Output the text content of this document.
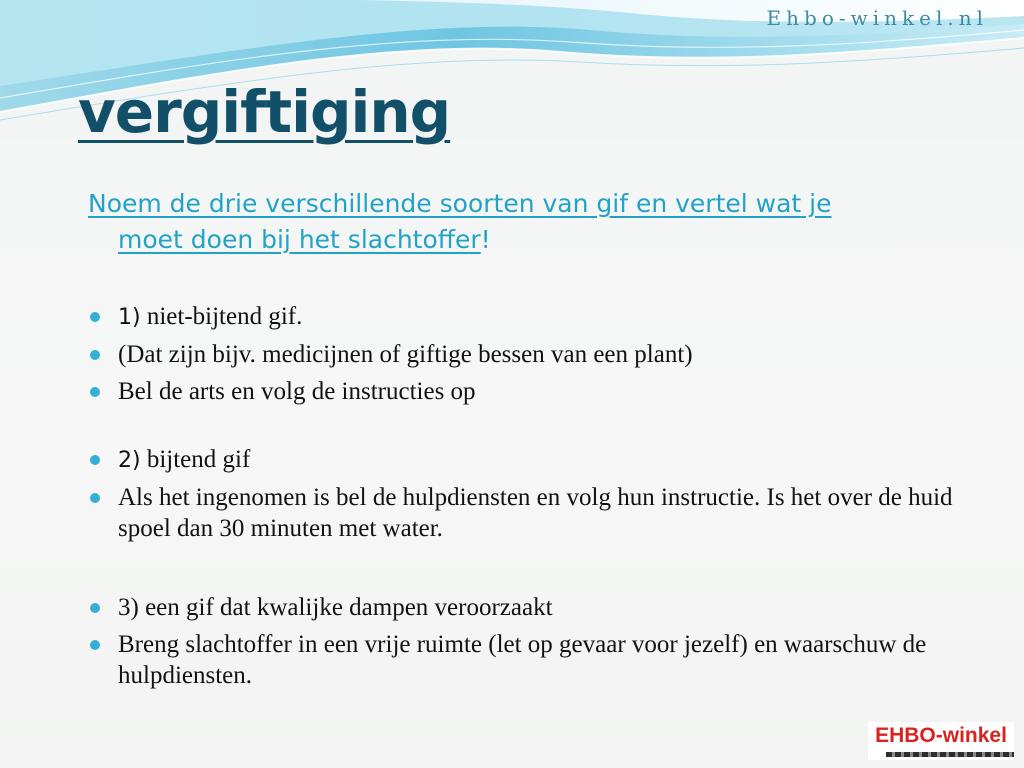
Ehbo-winkel.nl
vergiftiging
Noem de drie verschillende soorten van gif en vertel wat je
moet doen bij het slachtoffer!
1) niet-bijtend gif.
(Dat zijn bijv. medicijnen of giftige bessen van een plant)
Bel de arts en volg de instructies op
2) bijtend gif
Als het ingenomen is bel de hulpdiensten en volg hun instructie. Is het over de huid spoel dan 30 minuten met water.
3) een gif dat kwalijke dampen veroorzaakt
Breng slachtoffer in een vrije ruimte (let op gevaar voor jezelf) en waarschuw de hulpdiensten.
EHBO-winkel
